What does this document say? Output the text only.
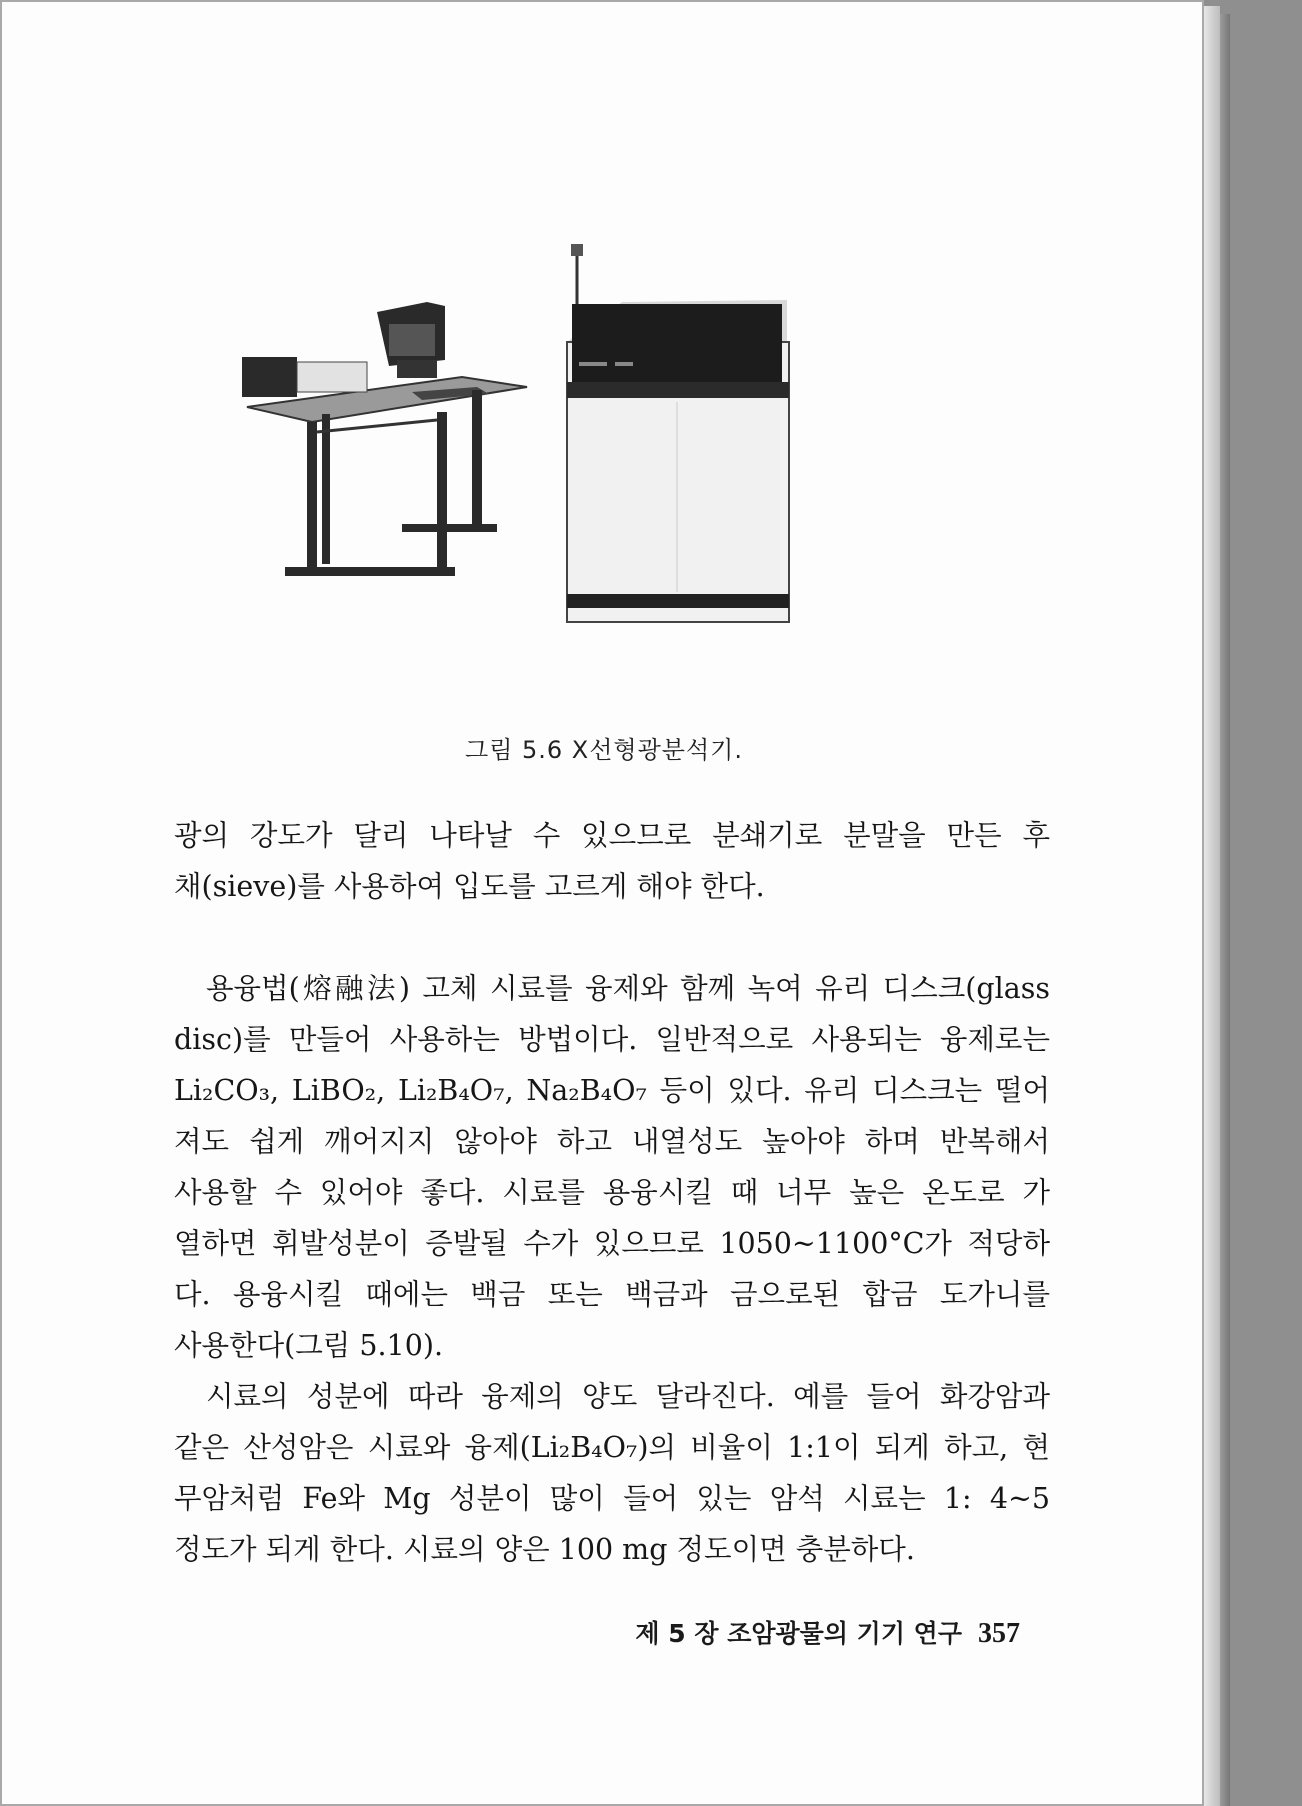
그림 5.6 X선형광분석기.
광의 강도가 달리 나타날 수 있으므로 분쇄기로 분말을 만든 후
채(sieve)를 사용하여 입도를 고르게 해야 한다.
용융법(熔融法) 고체 시료를 융제와 함께 녹여 유리 디스크(glass
disc)를 만들어 사용하는 방법이다. 일반적으로 사용되는 융제로는
Li₂CO₃, LiBO₂, Li₂B₄O₇, Na₂B₄O₇ 등이 있다. 유리 디스크는 떨어
져도 쉽게 깨어지지 않아야 하고 내열성도 높아야 하며 반복해서
사용할 수 있어야 좋다. 시료를 용융시킬 때 너무 높은 온도로 가
열하면 휘발성분이 증발될 수가 있으므로 1050~1100°C가 적당하
다. 용융시킬 때에는 백금 또는 백금과 금으로된 합금 도가니를
사용한다(그림 5.10).
시료의 성분에 따라 융제의 양도 달라진다. 예를 들어 화강암과
같은 산성암은 시료와 융제(Li₂B₄O₇)의 비율이 1:1이 되게 하고, 현
무암처럼 Fe와 Mg 성분이 많이 들어 있는 암석 시료는 1: 4~5
정도가 되게 한다. 시료의 양은 100 mg 정도이면 충분하다.
제 5 장 조암광물의 기기 연구 357
